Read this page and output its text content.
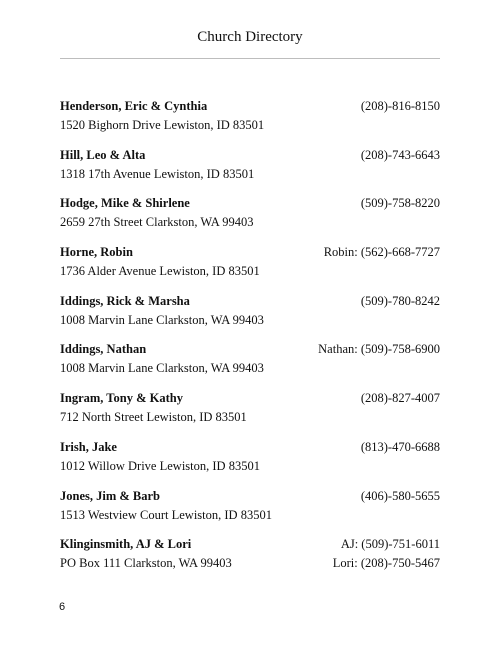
Church Directory
Henderson, Eric & Cynthia	(208)-816-8150
1520 Bighorn Drive Lewiston, ID 83501
Hill, Leo & Alta	(208)-743-6643
1318 17th Avenue Lewiston, ID 83501
Hodge, Mike & Shirlene	(509)-758-8220
2659 27th Street Clarkston, WA 99403
Horne, Robin	Robin: (562)-668-7727
1736 Alder Avenue Lewiston, ID 83501
Iddings, Rick & Marsha	(509)-780-8242
1008 Marvin Lane Clarkston, WA 99403
Iddings, Nathan	Nathan: (509)-758-6900
1008 Marvin Lane Clarkston, WA 99403
Ingram, Tony & Kathy	(208)-827-4007
712 North Street Lewiston, ID 83501
Irish, Jake	(813)-470-6688
1012 Willow Drive Lewiston, ID 83501
Jones, Jim & Barb	(406)-580-5655
1513 Westview Court Lewiston, ID 83501
Klinginsmith, AJ & Lori	AJ: (509)-751-6011
PO Box 111 Clarkston, WA 99403	Lori: (208)-750-5467
6
